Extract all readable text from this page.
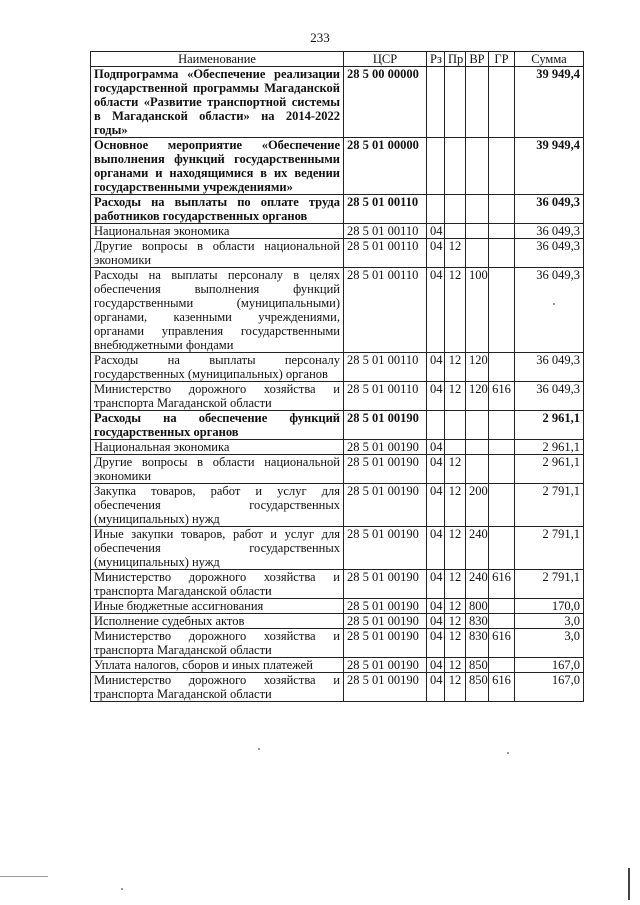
233
Наименование	ЦСР	Рз	Пр	ВР	ГР	Сумма
Подпрограмма «Обеспечение реализации государственной программы Магаданской области «Развитие транспортной системы в Магаданской области» на 2014-2022 годы»	28 5 00 00000					39 949,4
Основное мероприятие «Обеспечение выполнения функций государственными органами и находящимися в их ведении государственными учреждениями»	28 5 01 00000					39 949,4
Расходы на выплаты по оплате труда работников государственных органов	28 5 01 00110					36 049,3
Национальная экономика	28 5 01 00110	04				36 049,3
Другие вопросы в области национальной экономики	28 5 01 00110	04	12			36 049,3
Расходы на выплаты персоналу в целях обеспечения выполнения функций государственными (муниципальными) органами, казенными учреждениями, органами управления государственными внебюджетными фондами	28 5 01 00110	04	12	100		36 049,3
Расходы на выплаты персоналу государственных (муниципальных) органов	28 5 01 00110	04	12	120		36 049,3
Министерство дорожного хозяйства и транспорта Магаданской области	28 5 01 00110	04	12	120	616	36 049,3
Расходы на обеспечение функций государственных органов	28 5 01 00190					2 961,1
Национальная экономика	28 5 01 00190	04				2 961,1
Другие вопросы в области национальной экономики	28 5 01 00190	04	12			2 961,1
Закупка товаров, работ и услуг для обеспечения государственных (муниципальных) нужд	28 5 01 00190	04	12	200		2 791,1
Иные закупки товаров, работ и услуг для обеспечения государственных (муниципальных) нужд	28 5 01 00190	04	12	240		2 791,1
Министерство дорожного хозяйства и транспорта Магаданской области	28 5 01 00190	04	12	240	616	2 791,1
Иные бюджетные ассигнования	28 5 01 00190	04	12	800		170,0
Исполнение судебных актов	28 5 01 00190	04	12	830		3,0
Министерство дорожного хозяйства и транспорта Магаданской области	28 5 01 00190	04	12	830	616	3,0
Уплата налогов, сборов и иных платежей	28 5 01 00190	04	12	850		167,0
Министерство дорожного хозяйства и транспорта Магаданской области	28 5 01 00190	04	12	850	616	167,0
